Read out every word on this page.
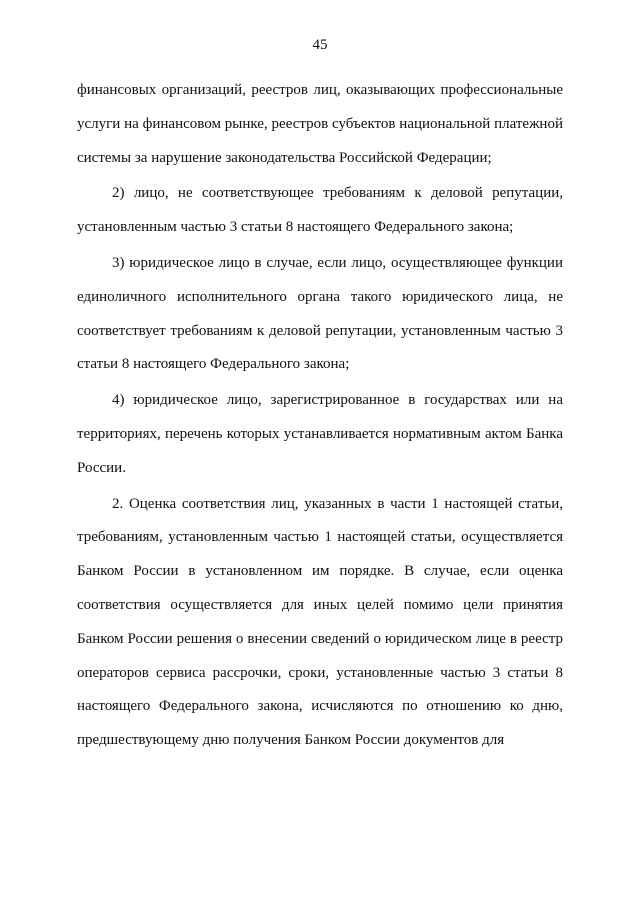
45

финансовых организаций, реестров лиц, оказывающих профессиональные услуги на финансовом рынке, реестров субъектов национальной платежной системы за нарушение законодательства Российской Федерации;

2) лицо, не соответствующее требованиям к деловой репутации, установленным частью 3 статьи 8 настоящего Федерального закона;

3) юридическое лицо в случае, если лицо, осуществляющее функции единоличного исполнительного органа такого юридического лица, не соответствует требованиям к деловой репутации, установленным частью 3 статьи 8 настоящего Федерального закона;

4) юридическое лицо, зарегистрированное в государствах или на территориях, перечень которых устанавливается нормативным актом Банка России.

2. Оценка соответствия лиц, указанных в части 1 настоящей статьи, требованиям, установленным частью 1 настоящей статьи, осуществляется Банком России в установленном им порядке. В случае, если оценка соответствия осуществляется для иных целей помимо цели принятия Банком России решения о внесении сведений о юридическом лице в реестр операторов сервиса рассрочки, сроки, установленные частью 3 статьи 8 настоящего Федерального закона, исчисляются по отношению ко дню, предшествующему дню получения Банком России документов для
